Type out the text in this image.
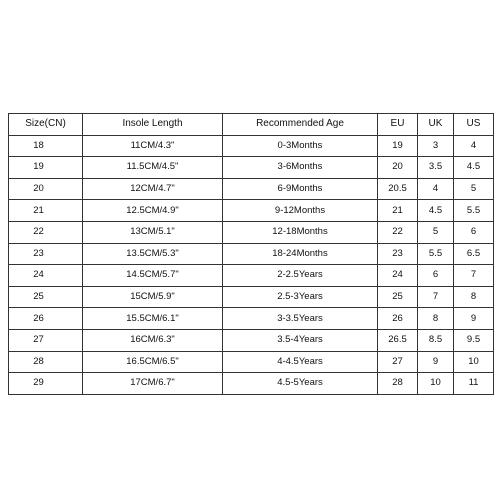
Size(CN)	Insole Length	Recommended Age	EU	UK	US
18	11CM/4.3"	0-3Months	19	3	4
19	11.5CM/4.5"	3-6Months	20	3.5	4.5
20	12CM/4.7"	6-9Months	20.5	4	5
21	12.5CM/4.9"	9-12Months	21	4.5	5.5
22	13CM/5.1"	12-18Months	22	5	6
23	13.5CM/5.3"	18-24Months	23	5.5	6.5
24	14.5CM/5.7"	2-2.5Years	24	6	7
25	15CM/5.9"	2.5-3Years	25	7	8
26	15.5CM/6.1"	3-3.5Years	26	8	9
27	16CM/6.3"	3.5-4Years	26.5	8.5	9.5
28	16.5CM/6.5"	4-4.5Years	27	9	10
29	17CM/6.7"	4.5-5Years	28	10	11
